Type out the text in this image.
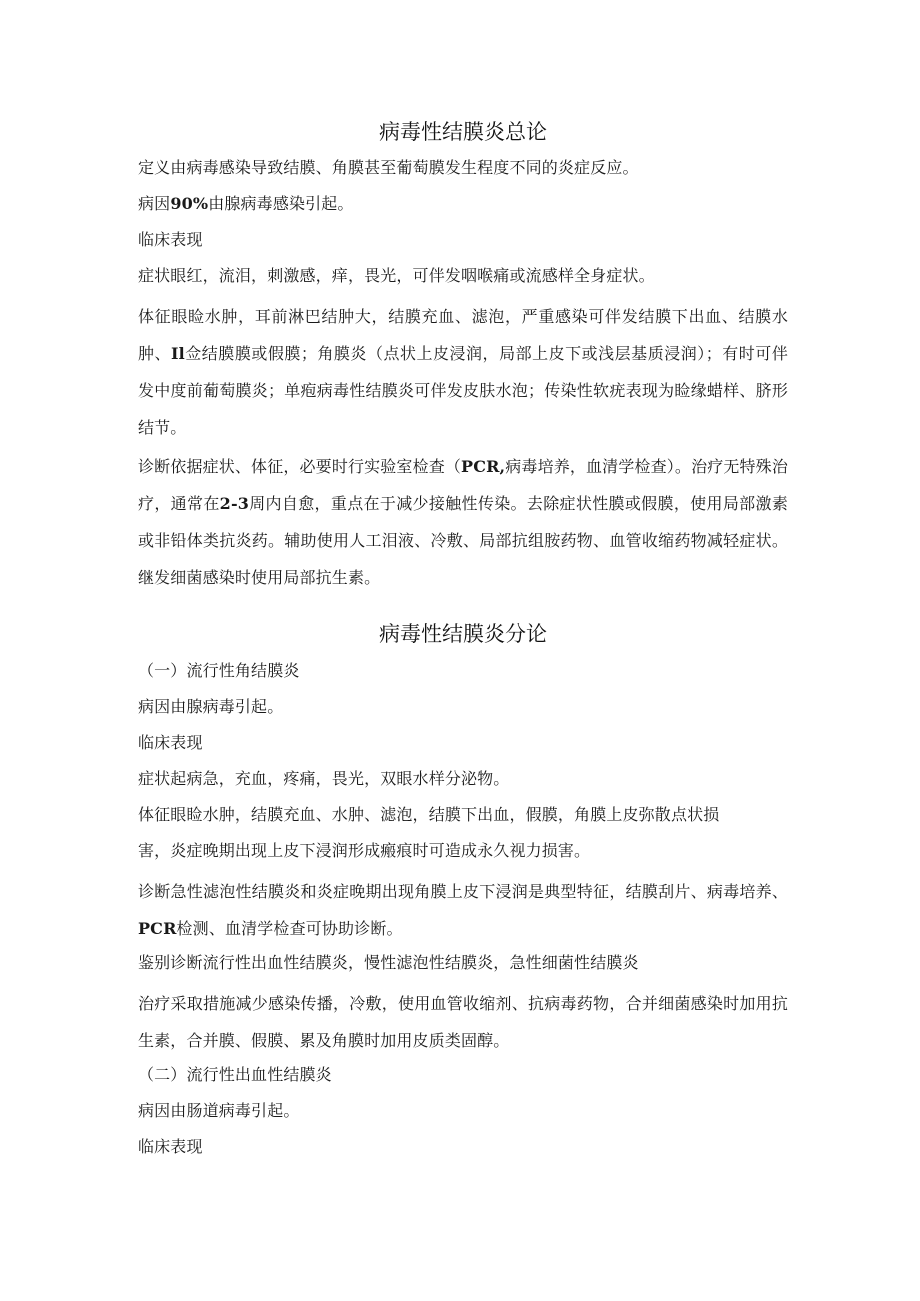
病毒性结膜炎总论

定义由病毒感染导致结膜、角膜甚至葡萄膜发生程度不同的炎症反应。

病因90%由腺病毒感染引起。

临床表现

症状眼红，流泪，刺激感，痒，畏光，可伴发咽喉痛或流感样全身症状。

体征眼睑水肿，耳前淋巴结肿大，结膜充血、滤泡，严重感染可伴发结膜下出血、结膜水肿、Il佥结膜膜或假膜；角膜炎（点状上皮浸润，局部上皮下或浅层基质浸润）；有时可伴发中度前葡萄膜炎；单疱病毒性结膜炎可伴发皮肤水泡；传染性软疣表现为睑缘蜡样、脐形结节。

诊断依据症状、体征，必要时行实验室检查（PCR,病毒培养，血清学检查）。治疗无特殊治疗，通常在2-3周内自愈，重点在于减少接触性传染。去除症状性膜或假膜，使用局部激素或非铅体类抗炎药。辅助使用人工泪液、冷敷、局部抗组胺药物、血管收缩药物减轻症状。继发细菌感染时使用局部抗生素。

病毒性结膜炎分论

（一）流行性角结膜炎

病因由腺病毒引起。

临床表现

症状起病急，充血，疼痛，畏光，双眼水样分泌物。

体征眼睑水肿，结膜充血、水肿、滤泡，结膜下出血，假膜，角膜上皮弥散点状损

害，炎症晚期出现上皮下浸润形成瘢痕时可造成永久视力损害。

诊断急性滤泡性结膜炎和炎症晚期出现角膜上皮下浸润是典型特征，结膜刮片、病毒培养、PCR检测、血清学检查可协助诊断。

鉴别诊断流行性出血性结膜炎，慢性滤泡性结膜炎，急性细菌性结膜炎

治疗采取措施减少感染传播，冷敷，使用血管收缩剂、抗病毒药物，合并细菌感染时加用抗生素，合并膜、假膜、累及角膜时加用皮质类固醇。

（二）流行性出血性结膜炎

病因由肠道病毒引起。

临床表现
